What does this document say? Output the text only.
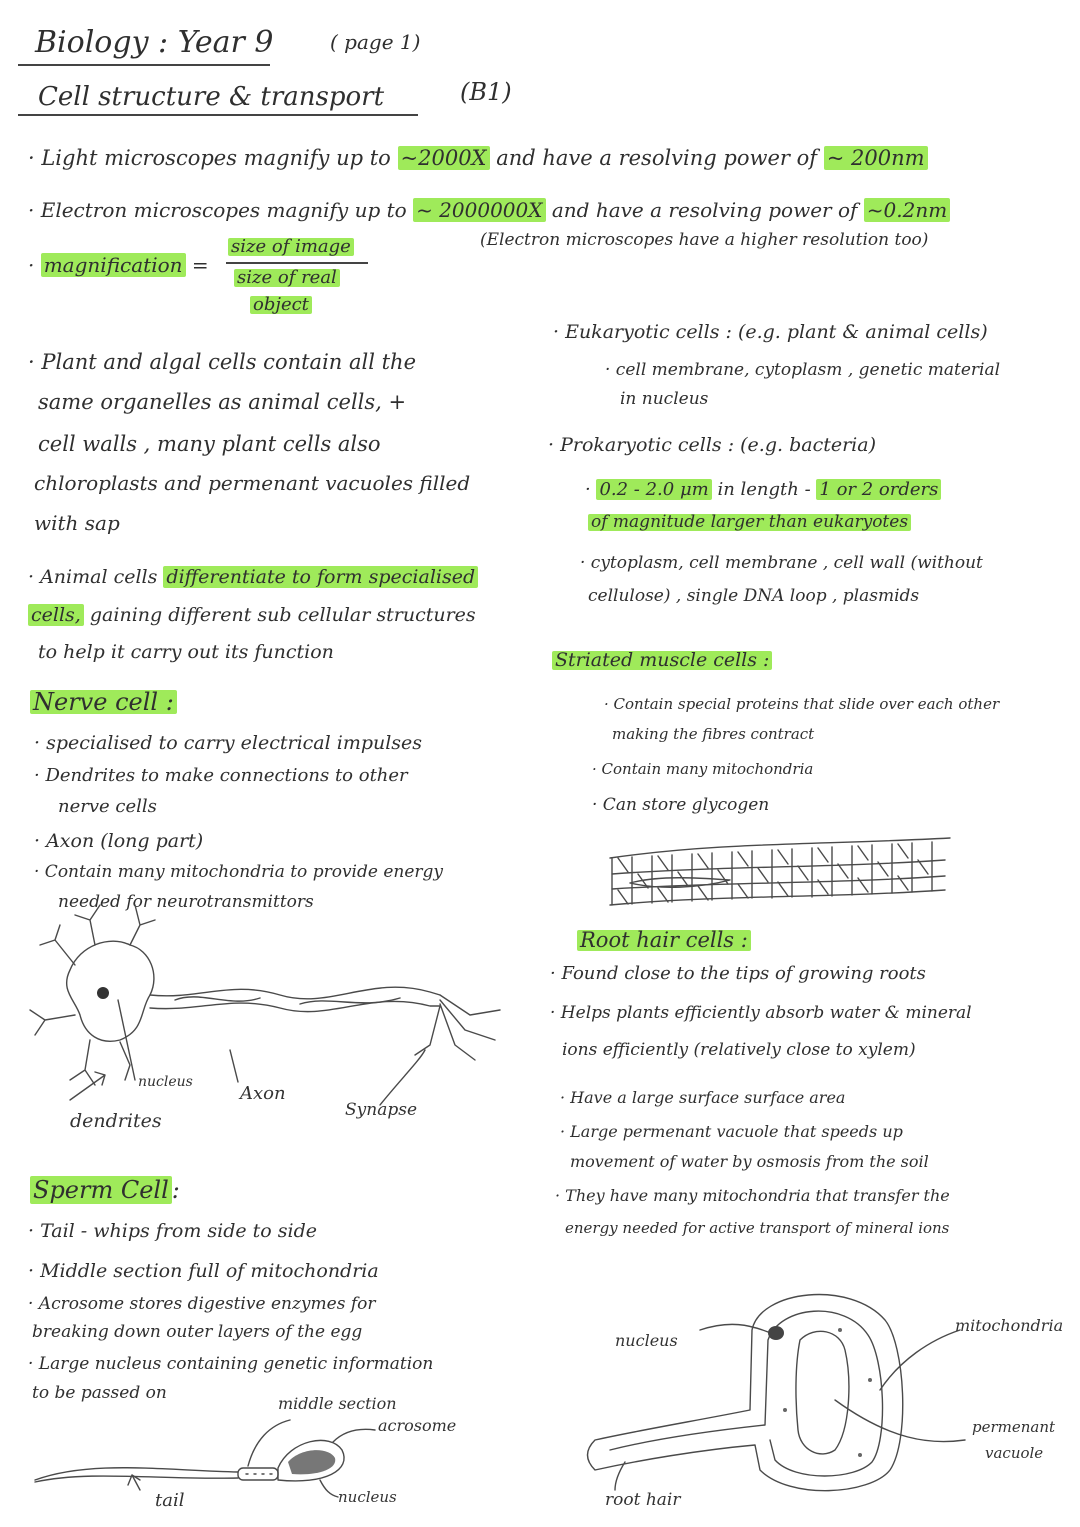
Biology : Year 9	( page 1)
Cell structure & transport	(B1)
· Light microscopes magnify up to ~2000X and have a resolving power of ~ 200nm
· Electron microscopes magnify up to ~ 2000000X and have a resolving power of ~0.2nm
(Electron microscopes have a higher resolution too)
· magnification =
size of image
size of real
object
· Plant and algal cells contain all the
same organelles as animal cells, +
cell walls , many plant cells also
chloroplasts and permenant vacuoles filled
with sap
· Animal cells differentiate to form specialised
cells, gaining different sub cellular structures
to help it carry out its function
Nerve cell :
· specialised to carry electrical impulses
· Dendrites to make connections to other
nerve cells
· Axon (long part)
· Contain many mitochondria to provide energy
needed for neurotransmittors
nucleus
Axon
Synapse
dendrites
Sperm Cell :
· Tail - whips from side to side
· Middle section full of mitochondria
· Acrosome stores digestive enzymes for
breaking down outer layers of the egg
· Large nucleus containing genetic information
to be passed on
middle section
acrosome
tail	nucleus
· Eukaryotic cells : (e.g. plant & animal cells)
· cell membrane, cytoplasm , genetic material
in nucleus
· Prokaryotic cells : (e.g. bacteria)
· 0.2 - 2.0 μm in length - 1 or 2 orders
of magnitude larger than eukaryotes
· cytoplasm, cell membrane , cell wall (without
cellulose) , single DNA loop , plasmids
Striated muscle cells :
· Contain special proteins that slide over each other
making the fibres contract
· Contain many mitochondria
· Can store glycogen
Root hair cells :
· Found close to the tips of growing roots
· Helps plants efficiently absorb water & mineral
ions efficiently (relatively close to xylem)
· Have a large surface surface area
· Large permenant vacuole that speeds up
movement of water by osmosis from the soil
· They have many mitochondria that transfer the
energy needed for active transport of mineral ions
nucleus
mitochondria
permenant
vacuole
root hair
